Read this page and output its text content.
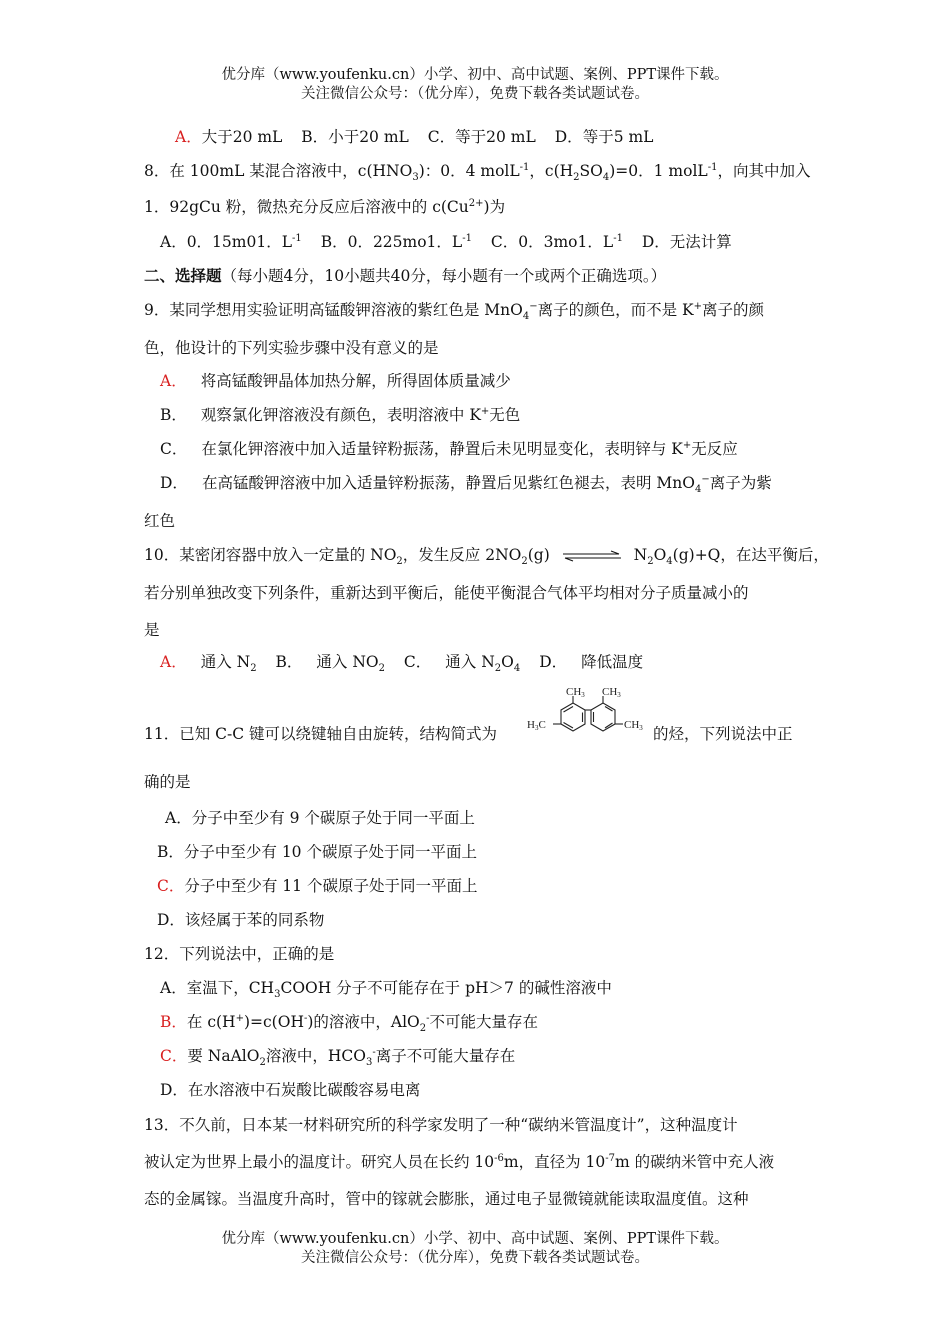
优分库（www.youfenku.cn）小学、初中、高中试题、案例、PPT课件下载。
关注微信公众号：（优分库），免费下载各类试题试卷。
A．大于20 mL B．小于20 mL C．等于20 mL D．等于5 mL
8．在 100mL 某混合溶液中，$c(HNO_3)$：0．4 molL$^{-1}$，$c(H_2SO_4)=0$．1 molL$^{-1}$，向其中加入
1．92gCu 粉，微热充分反应后溶液中的 $c(Cu^{2+})$为
A．0．15m01．$L^{-1}$ B．0．225mo1．$L^{-1}$ C．0．3mo1．$L^{-1}$ D．无法计算
二、选择题（每小题4分，10小题共40分，每小题有一个或两个正确选项。）
9．某同学想用实验证明高锰酸钾溶液的紫红色是 MnO$_4$−离子的颜色，而不是 K+离子的颜
色，他设计的下列实验步骤中没有意义的是
A． 将高锰酸钾晶体加热分解，所得固体质量减少
B． 观察氯化钾溶液没有颜色，表明溶液中 K+无色
C． 在氯化钾溶液中加入适量锌粉振荡，静置后未见明显变化，表明锌与 K+无反应
D． 在高锰酸钾溶液中加入适量锌粉振荡，静置后见紫红色褪去，表明 MnO$_4$−离子为紫
红色
10．某密闭容器中放入一定量的 $NO_2$，发生反应 $2NO_2(g)$ ⇌ $N_2O_4(g)+Q$，在达平衡后，
若分别单独改变下列条件，重新达到平衡后，能使平衡混合气体平均相对分子质量减小的
是
A． 通入 $N_2$ B． 通入 $NO_2$ C． 通入 $N_2O_4$ D． 降低温度
11．已知 C-C 键可以绕键轴自由旋转，结构简式为
CH3 CH3
H3C	CH3 的烃，下列说法中正
确的是
A．分子中至少有 9 个碳原子处于同一平面上
B．分子中至少有 10 个碳原子处于同一平面上
C．分子中至少有 11 个碳原子处于同一平面上
D．该烃属于苯的同系物
12．下列说法中，正确的是
A．室温下，$CH_3COOH$ 分子不可能存在于 pH＞7 的碱性溶液中
B．在 c(H+)=c(OH-)的溶液中，AlO$_2$-不可能大量存在
C．要 NaAlO$_2$溶液中，$HCO_3^-$离子不可能大量存在
D．在水溶液中石炭酸比碳酸容易电离
13．不久前，日本某一材料研究所的科学家发明了一种“碳纳米管温度计”，这种温度计
被认定为世界上最小的温度计。研究人员在长约 $10^{-6}m$，直径为 $10^{-7}m$ 的碳纳米管中充人液
态的金属镓。当温度升高时，管中的镓就会膨胀，通过电子显微镜就能读取温度值。这种
优分库（www.youfenku.cn）小学、初中、高中试题、案例、PPT课件下载。
关注微信公众号：（优分库），免费下载各类试题试卷。
